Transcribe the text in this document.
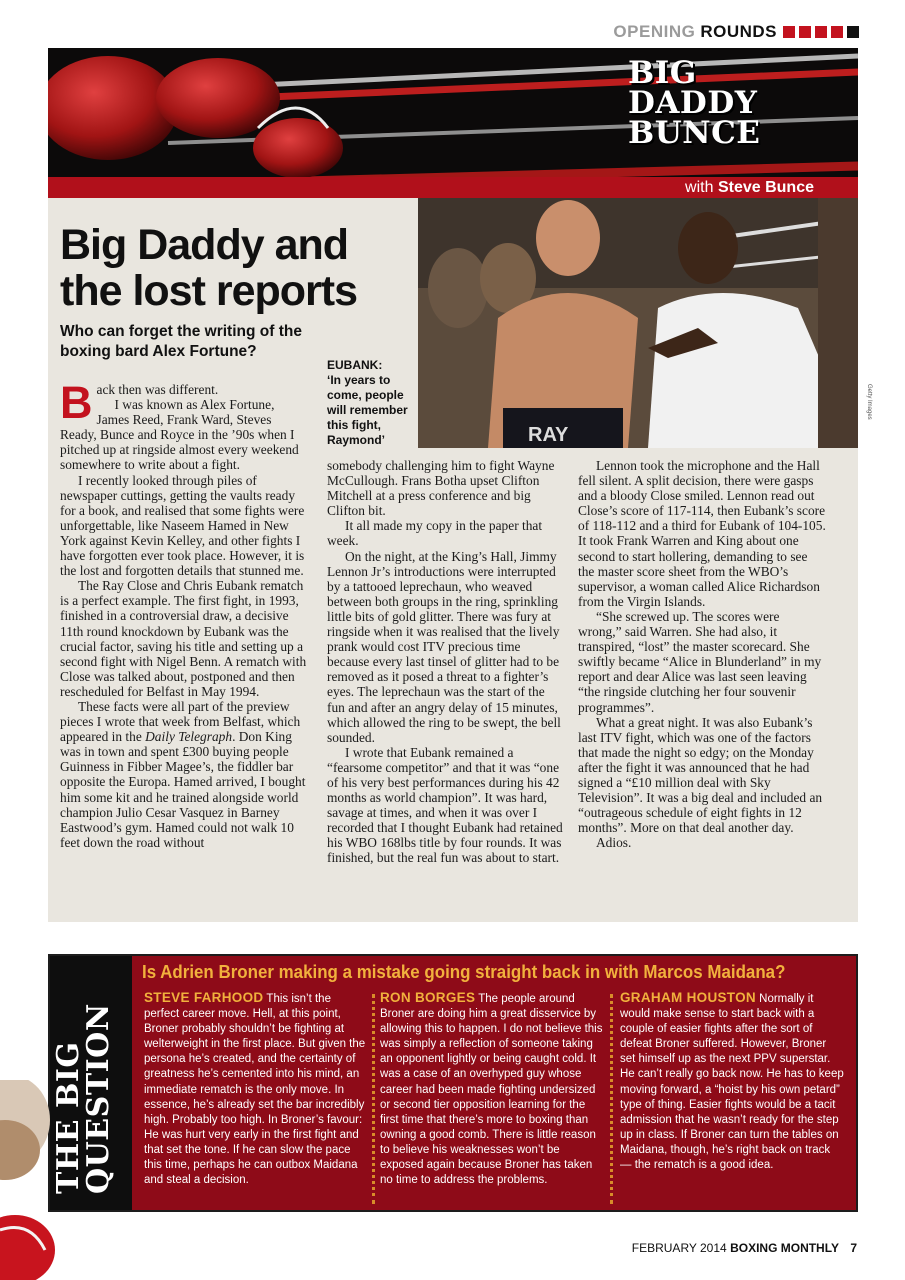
OPENING ROUNDS
BIG
DADDY
BUNCE
with Steve Bunce
Big Daddy and
the lost reports
Who can forget the writing of the boxing bard Alex Fortune?
RAY
Getty Images
EUBANK:
‘In years to come, people will remember this fight, Raymond’

Back then was different.

I was known as Alex Fortune, James Reed, Frank Ward, Steves Ready, Bunce and Royce in the ’90s when I pitched up at ringside almost every weekend somewhere to write about a fight.

I recently looked through piles of newspaper cuttings, getting the vaults ready for a book, and realised that some fights were unforgettable, like Naseem Hamed in New York against Kevin Kelley, and other fights I have forgotten ever took place. However, it is the lost and forgotten details that stunned me.

The Ray Close and Chris Eubank rematch is a perfect example. The first fight, in 1993, finished in a controversial draw, a decisive 11th round knockdown by Eubank was the crucial factor, saving his title and setting up a second fight with Nigel Benn. A rematch with Close was talked about, postponed and then rescheduled for Belfast in May 1994.

These facts were all part of the preview pieces I wrote that week from Belfast, which appeared in the Daily Telegraph. Don King was in town and spent £300 buying people Guinness in Fibber Magee’s, the fiddler bar opposite the Europa. Hamed arrived, I bought him some kit and he trained alongside world champion Julio Cesar Vasquez in Barney Eastwood’s gym. Hamed could not walk 10 feet down the road without

somebody challenging him to fight Wayne McCullough. Frans Botha upset Clifton Mitchell at a press conference and big Clifton bit.

It all made my copy in the paper that week.

On the night, at the King’s Hall, Jimmy Lennon Jr’s introductions were interrupted by a tattooed leprechaun, who weaved between both groups in the ring, sprinkling little bits of gold glitter. There was fury at ringside when it was realised that the lively prank would cost ITV precious time because every last tinsel of glitter had to be removed as it posed a threat to a fighter’s eyes. The leprechaun was the start of the fun and after an angry delay of 15 minutes, which allowed the ring to be swept, the bell sounded.

I wrote that Eubank remained a “fearsome competitor” and that it was “one of his very best performances during his 42 months as world champion”. It was hard, savage at times, and when it was over I recorded that I thought Eubank had retained his WBO 168lbs title by four rounds. It was finished, but the real fun was about to start.

Lennon took the microphone and the Hall fell silent. A split decision, there were gasps and a bloody Close smiled. Lennon read out Close’s score of 117-114, then Eubank’s score of 118-112 and a third for Eubank of 104-105. It took Frank Warren and King about one second to start hollering, demanding to see the master score sheet from the WBO’s supervisor, a woman called Alice Richardson from the Virgin Islands.

“She screwed up. The scores were wrong,” said Warren. She had also, it transpired, “lost” the master scorecard. She swiftly became “Alice in Blunderland” in my report and dear Alice was last seen leaving “the ringside clutching her four souvenir programmes”.

What a great night. It was also Eubank’s last ITV fight, which was one of the factors that made the night so edgy; on the Monday after the fight it was announced that he had signed a “£10 million deal with Sky Television”. It was a big deal and included an “outrageous schedule of eight fights in 12 months”. More on that deal another day.

Adios.

THE BIG
QUESTION
Is Adrien Broner making a mistake going straight back in with Marcos Maidana?
STEVE FARHOOD This isn’t the perfect career move. Hell, at this point, Broner probably shouldn’t be fighting at welterweight in the first place. But given the persona he’s created, and the certainty of greatness he’s cemented into his mind, an immediate rematch is the only move. In essence, he’s already set the bar incredibly high. Probably too high. In Broner’s favour: He was hurt very early in the first fight and that set the tone. If he can slow the pace this time, perhaps he can outbox Maidana and steal a decision.
RON BORGES The people around Broner are doing him a great disservice by allowing this to happen. I do not believe this was simply a reflection of someone taking an opponent lightly or being caught cold. It was a case of an overhyped guy whose career had been made fighting undersized or second tier opposition learning for the first time that there’s more to boxing than owning a good comb. There is little reason to believe his weaknesses won’t be exposed again because Broner has taken no time to address the problems.
GRAHAM HOUSTON Normally it would make sense to start back with a couple of easier fights after the sort of defeat Broner suffered. However, Broner set himself up as the next PPV superstar. He can’t really go back now. He has to keep moving forward, a “hoist by his own petard” type of thing. Easier fights would be a tacit admission that he wasn’t ready for the step up in class. If Broner can turn the tables on Maidana, though, he’s right back on track — the rematch is a good idea.
FEBRUARY 2014 BOXING MONTHLY 7
